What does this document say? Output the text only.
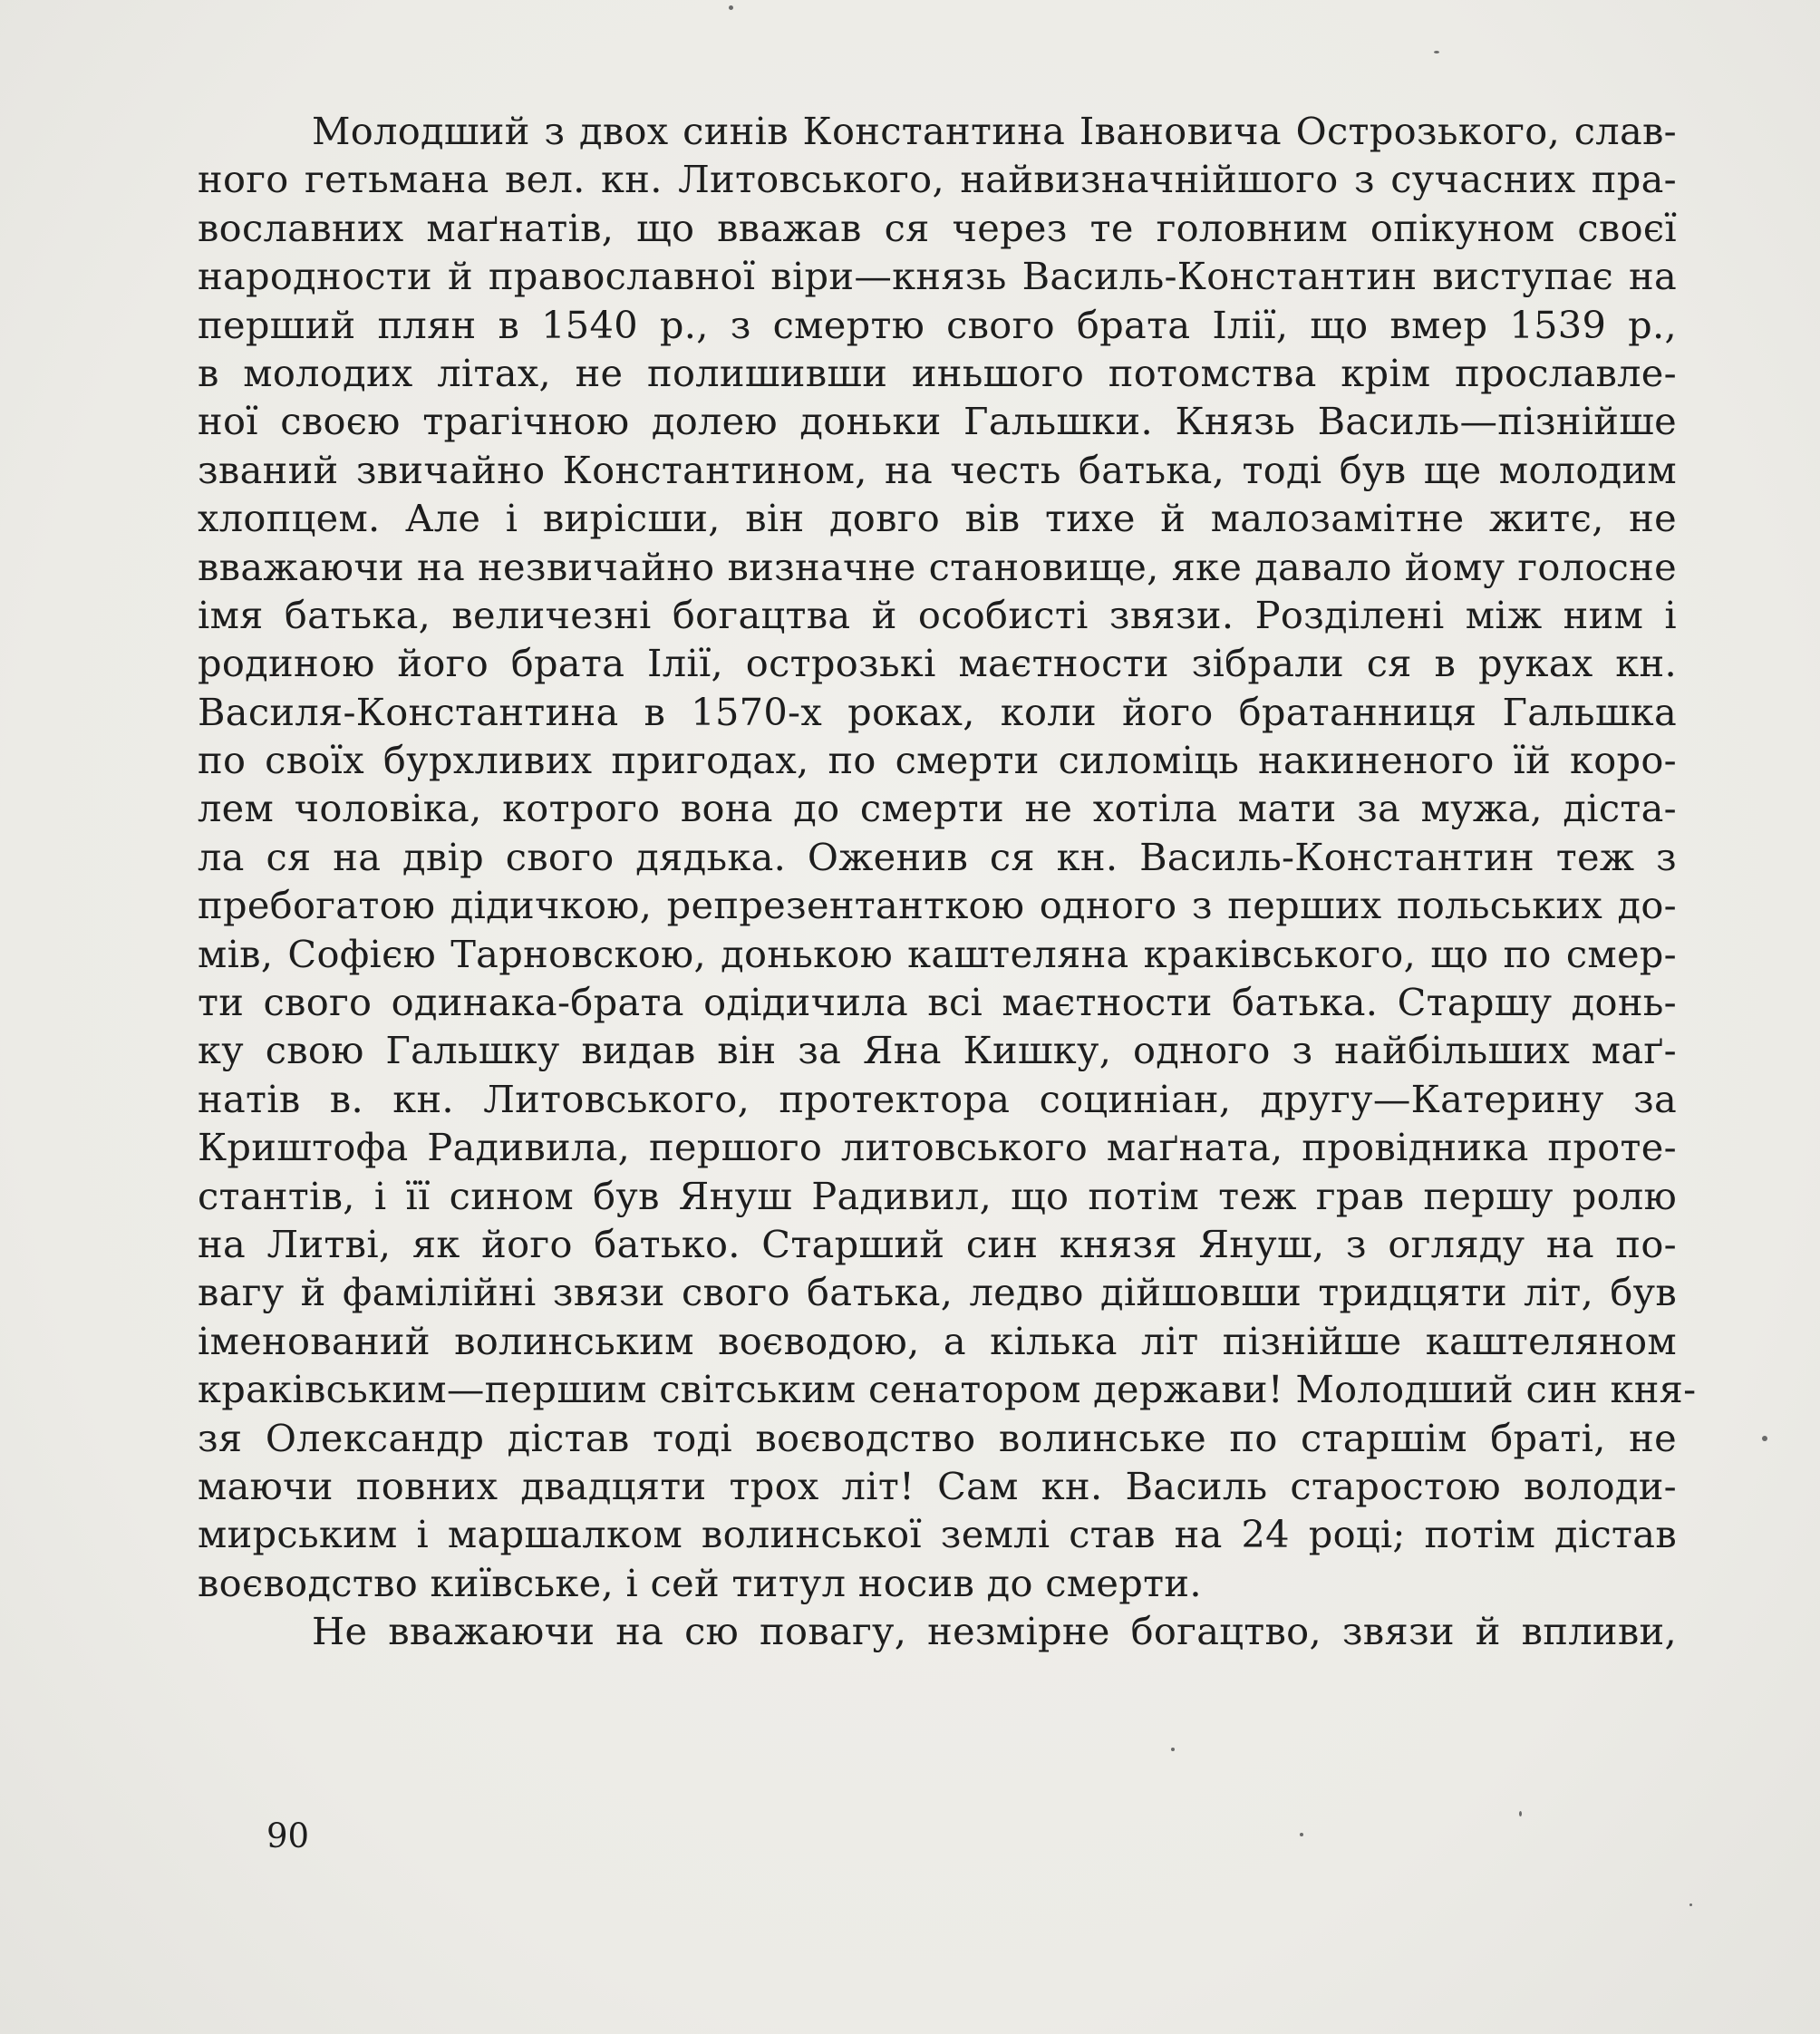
Молодший з двох синів Константина Івановича Острозького, слав-
ного гетьмана вел. кн. Литовського, найвизначнійшого з сучасних пра-
вославних маґнатів, що вважав ся через те головним опікуном своєї
народности й православної віри—князь Василь-Константин виступає на
перший плян в 1540 р., з смертю свого брата Ілії, що вмер 1539 р.,
в молодих літах, не полишивши иньшого потомства крім прославле-
ної своєю трагічною долею доньки Гальшки. Князь Василь—пізнійше
званий звичайно Константином, на честь батька, тоді був ще молодим
хлопцем. Але і вирісши, він довго вів тихе й малозамітне житє, не
вважаючи на незвичайно визначне становище, яке давало йому голосне
імя батька, величезні богацтва й особисті звязи. Розділені між ним і
родиною його брата Ілії, острозькі маєтности зібрали ся в руках кн.
Василя-Константина в 1570-х роках, коли його братанниця Гальшка
по своїх бурхливих пригодах, по смерти силоміць накиненого їй коро-
лем чоловіка, котрого вона до смерти не хотіла мати за мужа, діста-
ла ся на двір свого дядька. Оженив ся кн. Василь-Константин теж з
пребогатою дідичкою, репрезентанткою одного з перших польських до-
мів, Софією Тарновскою, донькою каштеляна краківського, що по смер-
ти свого одинака-брата одідичила всі маєтности батька. Старшу донь-
ку свою Гальшку видав він за Яна Кишку, одного з найбільших маґ-
натів в. кн. Литовського, протектора социніан, другу—Катерину за
Криштофа Радивила, першого литовського маґната, провідника проте-
стантів, і її сином був Януш Радивил, що потім теж грав першу ролю
на Литві, як його батько. Старший син князя Януш, з огляду на по-
вагу й фамілійні звязи свого батька, ледво дійшовши тридцяти літ, був
іменований волинським воєводою, а кілька літ пізнійше каштеляном
краківським—першим світським сенатором держави! Молодший син кня-
зя Олександр дістав тоді воєводство волинське по старшім браті, не
маючи повних двадцяти трох літ! Сам кн. Василь старостою володи-
мирським і маршалком волинської землі став на 24 році; потім дістав
воєводство київське, і сей титул носив до смерти.
Не вважаючи на сю повагу, незмірне богацтво, звязи й впливи,
90
